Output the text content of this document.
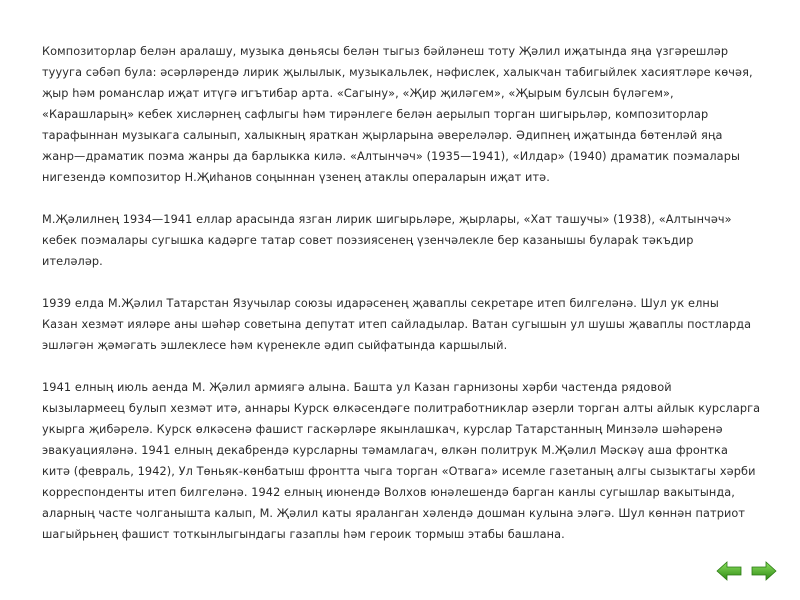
Композиторлар белән аралашу, музыка дөньясы белән тыгыз бәйләнеш тоту Җәлил иҗатында яңа үзгәрешләр
туууга сәбәп булa: әсәрләрендә лирик җылылык, музыкальлек, нәфислек, халыкчан табигыйлек хасиятләре көчәя,
җыр һәм романслар иҗат итүгә игътибар арта. «Сагыну», «Җир җиләгем», «Җырым булсын бүләгем»,
«Карашларың» кебек хисләрнең сафлыгы һәм тирәнлеге белән аерылып торган шигырьләр, композиторлар
тарафыннан музыкага салынып, халыкның яраткан җырларына әвереләләр. Әдипнең иҗатында бөтенләй яңа
жанр—драматик поэма жанры да барлыкка килә. «Алтынчәч» (1935—1941), «Илдар» (1940) драматик поэмалары
нигезендә композитор Н.Җиһанов соңыннан үзенең атаклы операларын иҗат итә.
М.Җәлилнең 1934—1941 еллар арасында язган лирик шигырьләре, җырлары, «Хат ташучы» (1938), «Алтынчәч»
кебек поэмалары сугышка кадәрге татар совет поэзиясенең үзенчәлекле бер казанышы булараk тәкъдир
ителәләр.
1939 елда М.Җәлил Татарстан Язучылар союзы идарәсенең җаваплы секретаре итеп билгеләнә. Шул ук елны
Казан хезмәт ияләре аны шәһәр советына депутат итеп сайладылар. Ватан сугышын ул шушы җаваплы постларда
эшләгән җәмәгать эшлеклесе һәм күренекле әдип сыйфатында каршылый.
1941 елның июль аенда М. Җәлил армиягә алына. Башта ул Казан гарнизоны хәрби частенда рядовой
кызылармеец булып хезмәт итә, аннары Курск өлкәсендәге политработниклар әзерли торган алты айлык курсларга
укырга җибәрелә. Курск өлкәсенә фашист гаскәрләре якынлашкач, курслар Татарстанның Минзәлә шәһәренә
эвакуацияләнә. 1941 елның декабрендә курсларны тәмамлагач, өлкән политрук М.Җәлил Мәскәү аша фронтка
китә (февраль, 1942), Ул Төньяк-көнбатыш фронтта чыга торган «Отвага» исемле газетаның алгы сызыктагы хәрби
корреспонденты итеп билгеләнә. 1942 елның июнендә Волхов юнәлешендә барган канлы сугышлар вакытында,
аларның частe чолганышта калып, М. Җәлил каты яраланган хәлендә дошман кулына эләгә. Шул көннән патриот
шагыйрьнең фашист тоткынлыгындагы газаплы һәм героик тормыш этабы башлана.
